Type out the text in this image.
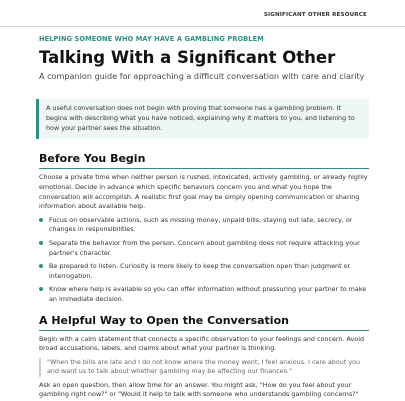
SIGNIFICANT OTHER RESOURCE
HELPING SOMEONE WHO MAY HAVE A GAMBLING PROBLEM
Talking With a Significant Other
A companion guide for approaching a difficult conversation with care and clarity
A useful conversation does not begin with proving that someone has a gambling problem. It begins with describing what you have noticed, explaining why it matters to you, and listening to how your partner sees the situation.
Before You Begin
Choose a private time when neither person is rushed, intoxicated, actively gambling, or already highly emotional. Decide in advance which specific behaviors concern you and what you hope the conversation will accomplish. A realistic first goal may be simply opening communication or sharing information about available help.
Focus on observable actions, such as missing money, unpaid bills, staying out late, secrecy, or changes in responsibilities.
Separate the behavior from the person. Concern about gambling does not require attacking your partner's character.
Be prepared to listen. Curiosity is more likely to keep the conversation open than judgment or interrogation.
Know where help is available so you can offer information without pressuring your partner to make an immediate decision.
A Helpful Way to Open the Conversation
Begin with a calm statement that connects a specific observation to your feelings and concern. Avoid broad accusations, labels, and claims about what your partner is thinking.
"When the bills are late and I do not know where the money went, I feel anxious. I care about you and want us to talk about whether gambling may be affecting our finances."
Ask an open question, then allow time for an answer. You might ask, "How do you feel about your gambling right now?" or "Would it help to talk with someone who understands gambling concerns?"
